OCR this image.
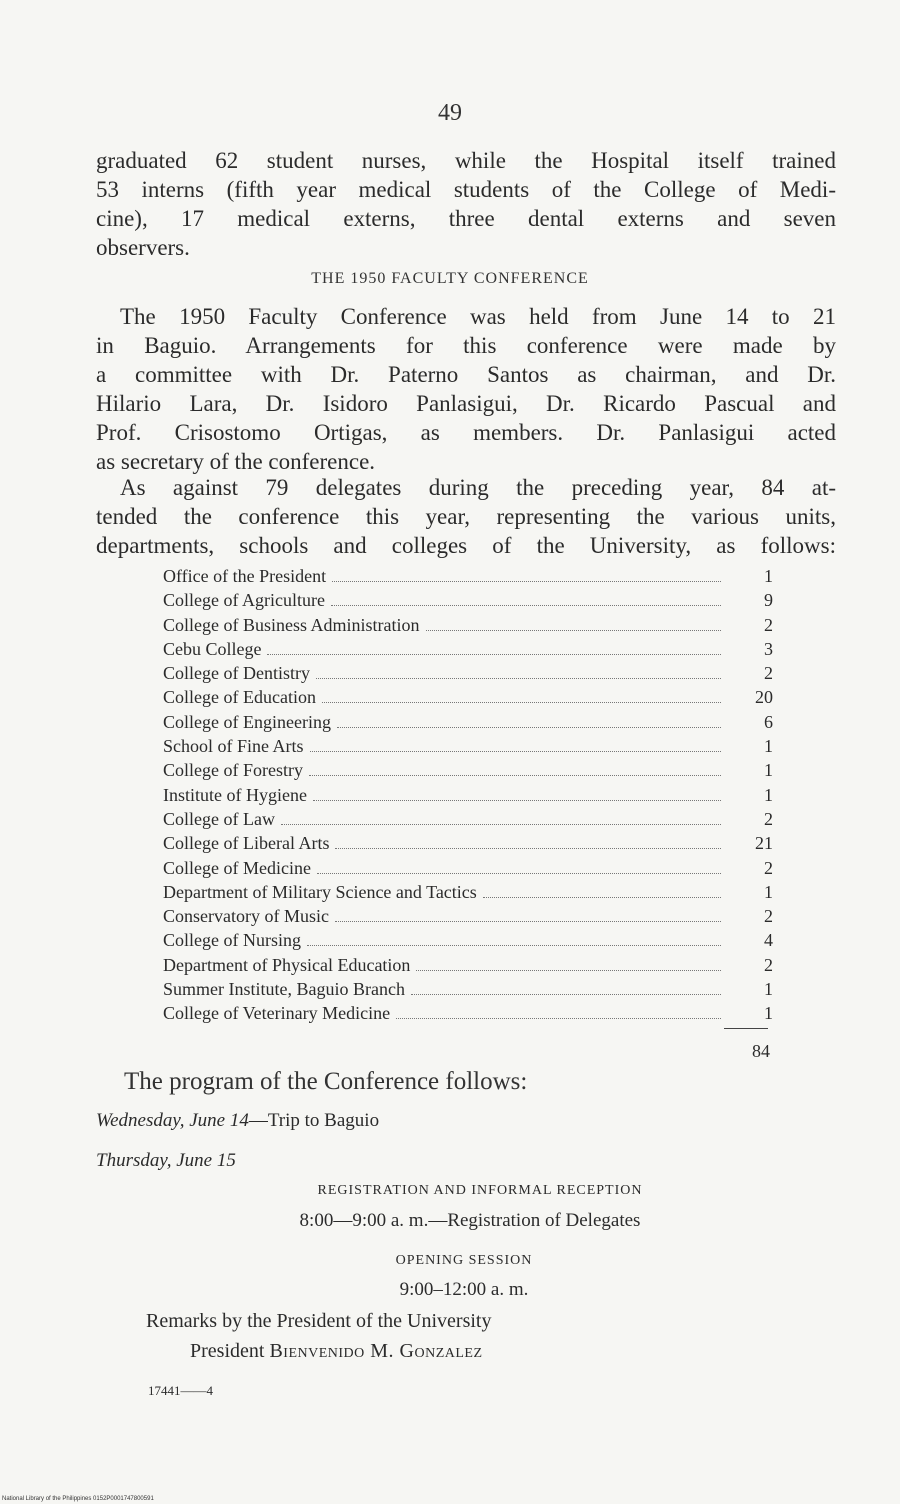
49
graduated 62 student nurses, while the Hospital itself trained
53 interns (fifth year medical students of the College of Medi-
cine), 17 medical externs, three dental externs and seven
observers.
THE 1950 FACULTY CONFERENCE
The 1950 Faculty Conference was held from June 14 to 21
in Baguio. Arrangements for this conference were made by
a committee with Dr. Paterno Santos as chairman, and Dr.
Hilario Lara, Dr. Isidoro Panlasigui, Dr. Ricardo Pascual and
Prof. Crisostomo Ortigas, as members. Dr. Panlasigui acted
as secretary of the conference.
As against 79 delegates during the preceding year, 84 at-
tended the conference this year, representing the various units,
departments, schools and colleges of the University, as follows:
Office of the President	1
College of Agriculture	9
College of Business Administration	2
Cebu College	3
College of Dentistry	2
College of Education	20
College of Engineering	6
School of Fine Arts	1
College of Forestry	1
Institute of Hygiene	1
College of Law	2
College of Liberal Arts	21
College of Medicine	2
Department of Military Science and Tactics	1
Conservatory of Music	2
College of Nursing	4
Department of Physical Education	2
Summer Institute, Baguio Branch	1
College of Veterinary Medicine	1
84
The program of the Conference follows:
Wednesday, June 14—Trip to Baguio
Thursday, June 15
REGISTRATION AND INFORMAL RECEPTION
8:00—9:00 a. m.—Registration of Delegates
OPENING SESSION
9:00–12:00 a. m.
Remarks by the President of the University
President Bienvenido M. Gonzalez
17441——4
National Library of the Philippines 0152P0001747800591
